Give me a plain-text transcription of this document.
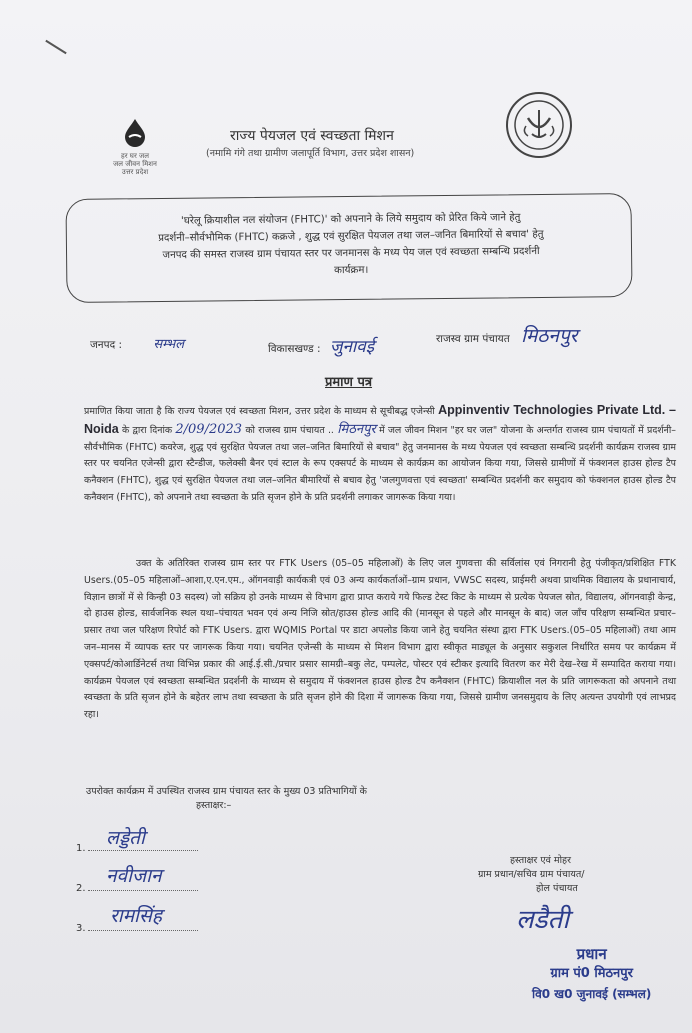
हर घर जल
जल जीवन मिशन
उत्तर प्रदेश
राज्य पेयजल एवं स्वच्छता मिशन
(नमामि गंगे तथा ग्रामीण जलापूर्ति विभाग, उत्तर प्रदेश शासन)

'घरेलू क्रियाशील नल संयोजन (FHTC)' को अपनाने के लिये समुदाय को प्रेरित किये जाने हेतु

प्रदर्शनी–सौर्वभौमिक (FHTC) कक्रजे , शुद्ध एवं सुरक्षित पेयजल तथा जल–जनित बिमारियों से बचाव' हेतु

जनपद की समस्त राजस्व ग्राम पंचायत स्तर पर जनमानस के मध्य पेय जल एवं स्वच्छता सम्बन्धि प्रदर्शनी

कार्यक्रम।

जनपद : सम्भल	विकासखण्ड : जुनावई	राजस्व ग्राम पंचायत मिठनपुर
प्रमाण पत्र

प्रमाणित किया जाता है कि राज्य पेयजल एवं स्वच्छता मिशन, उत्तर प्रदेश के माध्यम से सूचीबद्ध एजेन्सी Appinventiv Technologies Private Ltd. – Noida के द्वारा दिनांक 2/09/2023 को राजस्व ग्राम पंचायत .. मिठनपुर में जल जीवन मिशन "हर घर जल" योजना के अन्तर्गत राजस्व ग्राम पंचायतों में प्रदर्शनी–सौर्वभौमिक (FHTC) कवरेज, शुद्ध एवं सुरक्षित पेयजल तथा जल–जनित बिमारियों से बचाव" हेतु जनमानस के मध्य पेयजल एवं स्वच्छता सम्बन्धि प्रदर्शनी कार्यक्रम राजस्व ग्राम स्तर पर चयनित एजेन्सी द्वारा स्टैन्डीज, फलेक्सी बैनर एवं स्टाल के रूप एक्सपर्ट के माध्यम से कार्यक्रम का आयोजन किया गया, जिससे ग्रामीणों में फंक्शनल हाउस होल्ड टैप कनैक्शन (FHTC), शुद्ध एवं सुरक्षित पेयजल तथा जल–जनित बीमारियों से बचाव हेतु 'जलगुणवत्ता एवं स्वच्छता' सम्बन्धित प्रदर्शनी कर समुदाय को फंक्शनल हाउस होल्ड टैप कनैक्शन (FHTC), को अपनाने तथा स्वच्छता के प्रति सृजन होने के प्रति प्रदर्शनी लगाकर जागरूक किया गया।

उक्त के अतिरिक्त राजस्व ग्राम स्तर पर FTK Users (05–05 महिलाओं) के लिए जल गुणवत्ता की सर्विलांस एवं निगरानी हेतु पंजीकृत/प्रशिक्षित FTK Users.(05–05 महिलाओं–आशा,ए.एन.एम., ऑगनवाड़ी कार्यकत्री एवं 03 अन्य कार्यकर्ताओं–ग्राम प्रधान, VWSC सदस्य, प्राईमरी अथवा प्राथमिक विद्यालय के प्रधानाचार्य, विज्ञान छात्रों में से किन्ही 03 सदस्य) जो सक्रिय हो उनके माध्यम से विभाग द्वारा प्राप्त कराये गये फिल्ड टेस्ट किट के माध्यम से प्रत्येक पेयजल स्रोत, विद्यालय, ऑगनवाड़ी केन्द्र, दो हाउस होल्ड, सार्वजनिक स्थल यथा–पंचायत भवन एवं अन्य निजि स्रोत/हाउस होल्ड आदि की (मानसून से पहले और मानसून के बाद) जल जाँच परिक्षण सम्बन्धित प्रचार–प्रसार तथा जल परिक्षण रिपोर्ट को FTK Users. द्वारा WQMIS Portal पर डाटा अपलोड किया जाने हेतु चयनित संस्था द्वारा FTK Users.(05–05 महिलाओं) तथा आम जन–मानस में व्यापक स्तर पर जागरूक किया गया। चयनित एजेन्सी के माध्यम से मिशन विभाग द्वारा स्वीकृत माड्यूल के अनुसार सकुशल निर्धारित समय पर कार्यक्रम में एक्सपर्ट/कोआर्डिनेटर्स तथा विभिन्न प्रकार की आई.ई.सी./प्रचार प्रसार सामग्री–बकु लेट, पम्पलेट, पोस्टर एवं स्टीकर इत्यादि वितरण कर मेरी देख–रेख में सम्पादित कराया गया। कार्यक्रम पेयजल एवं स्वच्छता सम्बन्धित प्रदर्शनी के माध्यम से समुदाय में फंक्शनल हाउस होल्ड टैप कनैक्शन (FHTC) क्रियाशील नल के प्रति जागरूकता को अपनाने तथा स्वच्छता के प्रति सृजन होने के बहेतर लाभ तथा स्वच्छता के प्रति सृजन होने की दिशा में जागरूक किया गया, जिससे ग्रामीण जनसमुदाय के लिए अत्यन्त उपयोगी एवं लाभप्रद रहा।

उपरोक्त कार्यक्रम में उपस्थित राजस्व ग्राम पंचायत स्तर के मुख्य 03 प्रतिभागियों के
हस्ताक्षर:–
1.	लड्डेती
2.
नवीजान
3.
रामसिंह
हस्ताक्षर एवं मोहर
ग्राम प्रधान/सचिव ग्राम पंचायत/
होल पंचायत
लडैती
प्रधान
ग्राम पं0 मिठनपुर
वि0 ख0 जुनावई (सम्भल)
